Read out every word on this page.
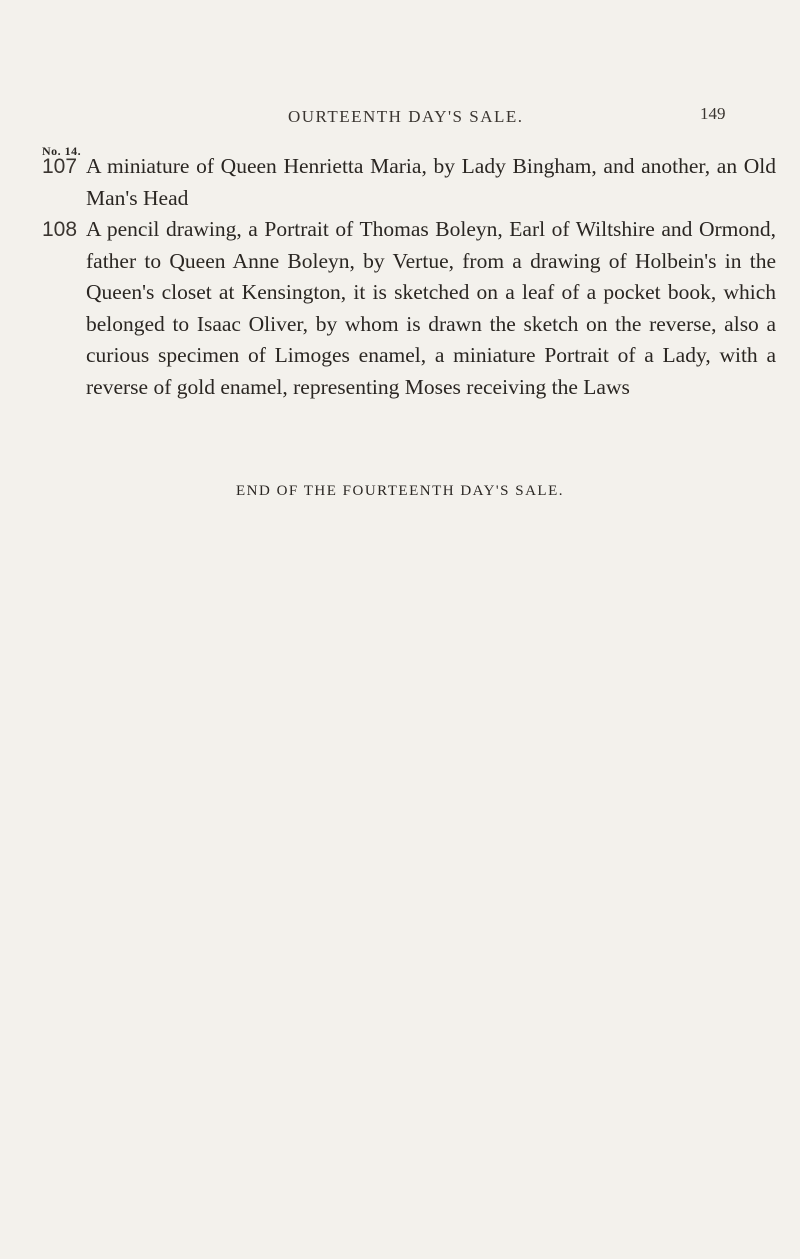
OURTEENTH DAY'S SALE.	149
No. 14.
107 A miniature of Queen Henrietta Maria, by Lady Bingham, and another, an Old Man's Head
108 A pencil drawing, a Portrait of Thomas Boleyn, Earl of Wiltshire and Ormond, father to Queen Anne Boleyn, by Vertue, from a drawing of Holbein's in the Queen's closet at Kensington, it is sketched on a leaf of a pocket book, which belonged to Isaac Oliver, by whom is drawn the sketch on the reverse, also a curious specimen of Limoges enamel, a miniature Portrait of a Lady, with a reverse of gold enamel, representing Moses receiving the Laws
END OF THE FOURTEENTH DAY'S SALE.
